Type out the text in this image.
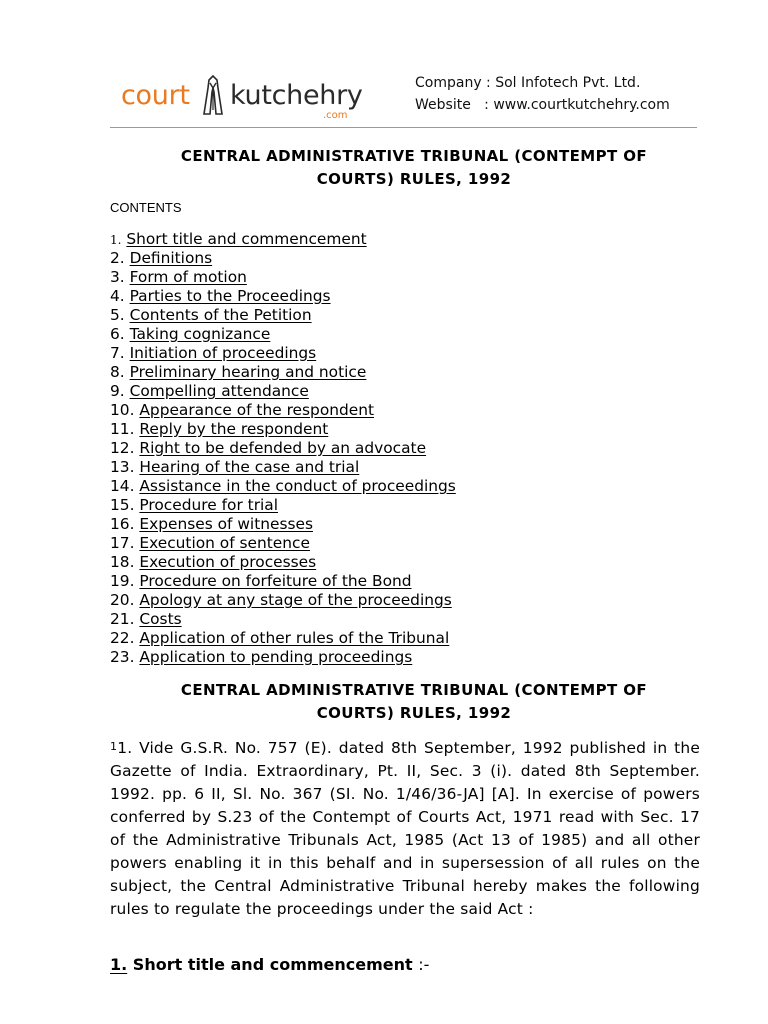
court kutchehry
.com
Company : Sol Infotech Pvt. Ltd.
Website   : www.courtkutchehry.com
CENTRAL ADMINISTRATIVE TRIBUNAL (CONTEMPT OF
COURTS) RULES, 1992
CONTENTS
1. Short title and commencement
2. Definitions
3. Form of motion
4. Parties to the Proceedings
5. Contents of the Petition
6. Taking cognizance
7. Initiation of proceedings
8. Preliminary hearing and notice
9. Compelling attendance
10. Appearance of the respondent
11. Reply by the respondent
12. Right to be defended by an advocate
13. Hearing of the case and trial
14. Assistance in the conduct of proceedings
15. Procedure for trial
16. Expenses of witnesses
17. Execution of sentence
18. Execution of processes
19. Procedure on forfeiture of the Bond
20. Apology at any stage of the proceedings
21. Costs
22. Application of other rules of the Tribunal
23. Application to pending proceedings
CENTRAL ADMINISTRATIVE TRIBUNAL (CONTEMPT OF
COURTS) RULES, 1992
$^1$1. Vide G.S.R. No. 757 (E). dated 8th September, 1992 published in the Gazette of India. Extraordinary, Pt. II, Sec. 3 (i). dated 8th September. 1992. pp. 6 II, Sl. No. 367 (SI. No. 1/46/36-JA] [A]. In exercise of powers conferred by S.23 of the Contempt of Courts Act, 1971 read with Sec. 17 of the Administrative Tribunals Act, 1985 (Act 13 of 1985) and all other powers enabling it in this behalf and in supersession of all rules on the subject, the Central Administrative Tribunal hereby makes the following rules to regulate the proceedings under the said Act :
1. Short title and commencement :-
